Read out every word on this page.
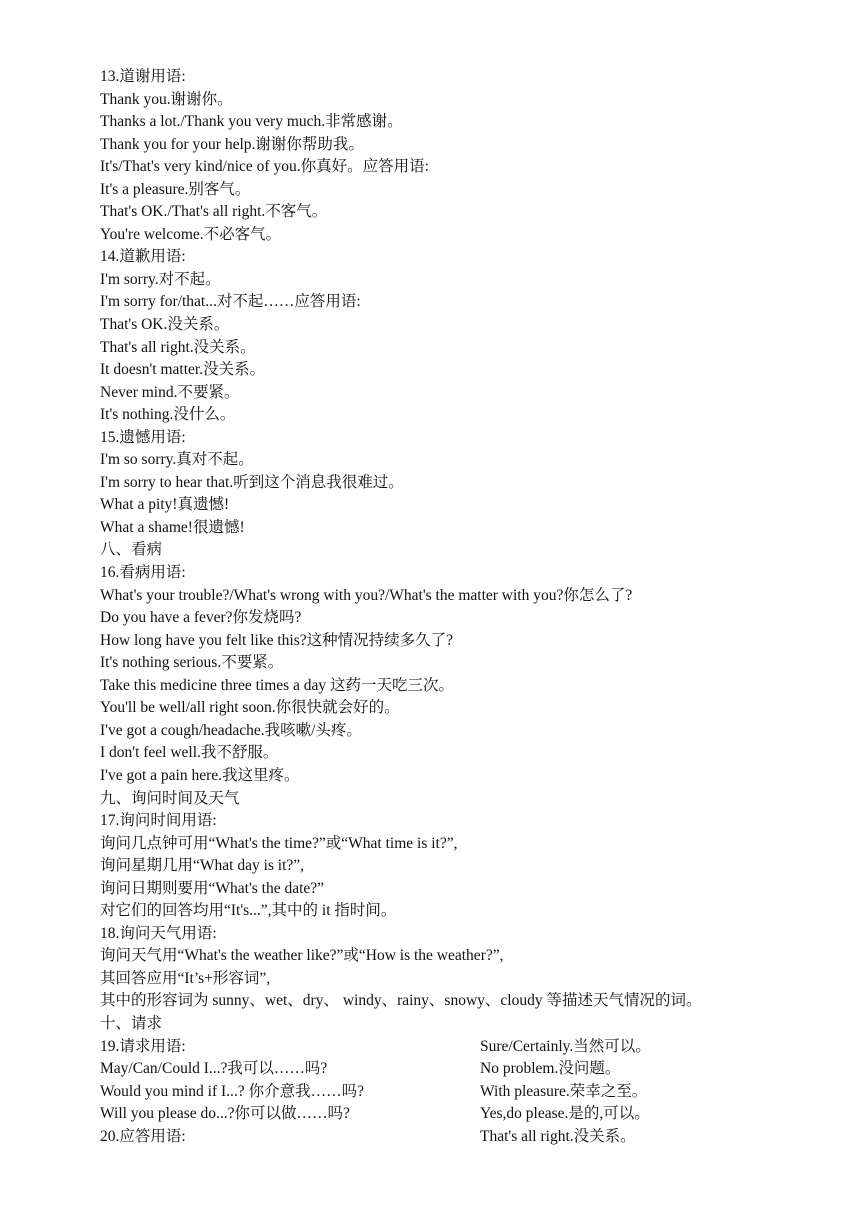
13.道谢用语:
Thank you.谢谢你。
Thanks a lot./Thank you very much.非常感谢。
Thank you for your help.谢谢你帮助我。
It's/That's very kind/nice of you.你真好。应答用语:
It's a pleasure.别客气。
That's OK./That's all right.不客气。
You're welcome.不必客气。
14.道歉用语:
I'm sorry.对不起。
I'm sorry for/that...对不起……应答用语:
That's OK.没关系。
That's all right.没关系。
It doesn't matter.没关系。
Never mind.不要紧。
It's nothing.没什么。
15.遗憾用语:
I'm so sorry.真对不起。
I'm sorry to hear that.听到这个消息我很难过。
What a pity!真遗憾!
What a shame!很遗憾!
八、看病
16.看病用语:
What's your trouble?/What's wrong with you?/What's the matter with you?你怎么了?
Do you have a fever?你发烧吗?
How long have you felt like this?这种情况持续多久了?
It's nothing serious.不要紧。
Take this medicine three times a day 这药一天吃三次。
You'll be well/all right soon.你很快就会好的。
I've got a cough/headache.我咳嗽/头疼。
I don't feel well.我不舒服。
I've got a pain here.我这里疼。
九、询问时间及天气
17.询问时间用语:
询问几点钟可用“What's the time?”或“What time is it?”,
询问星期几用“What day is it?”,
询问日期则要用“What's the date?”
对它们的回答均用“It's...”,其中的 it 指时间。
18.询问天气用语:
询问天气用“What's the weather like?”或“How is the weather?”,
其回答应用“It’s+形容词”,
其中的形容词为 sunny、wet、dry、 windy、rainy、snowy、cloudy 等描述天气情况的词。
十、请求
19.请求用语:
May/Can/Could I...?我可以……吗?
Would you mind if I...? 你介意我……吗?
Will you please do...?你可以做……吗?
20.应答用语:
Sure/Certainly.当然可以。
No problem.没问题。
With pleasure.荣幸之至。
Yes,do please.是的,可以。
That's all right.没关系。
